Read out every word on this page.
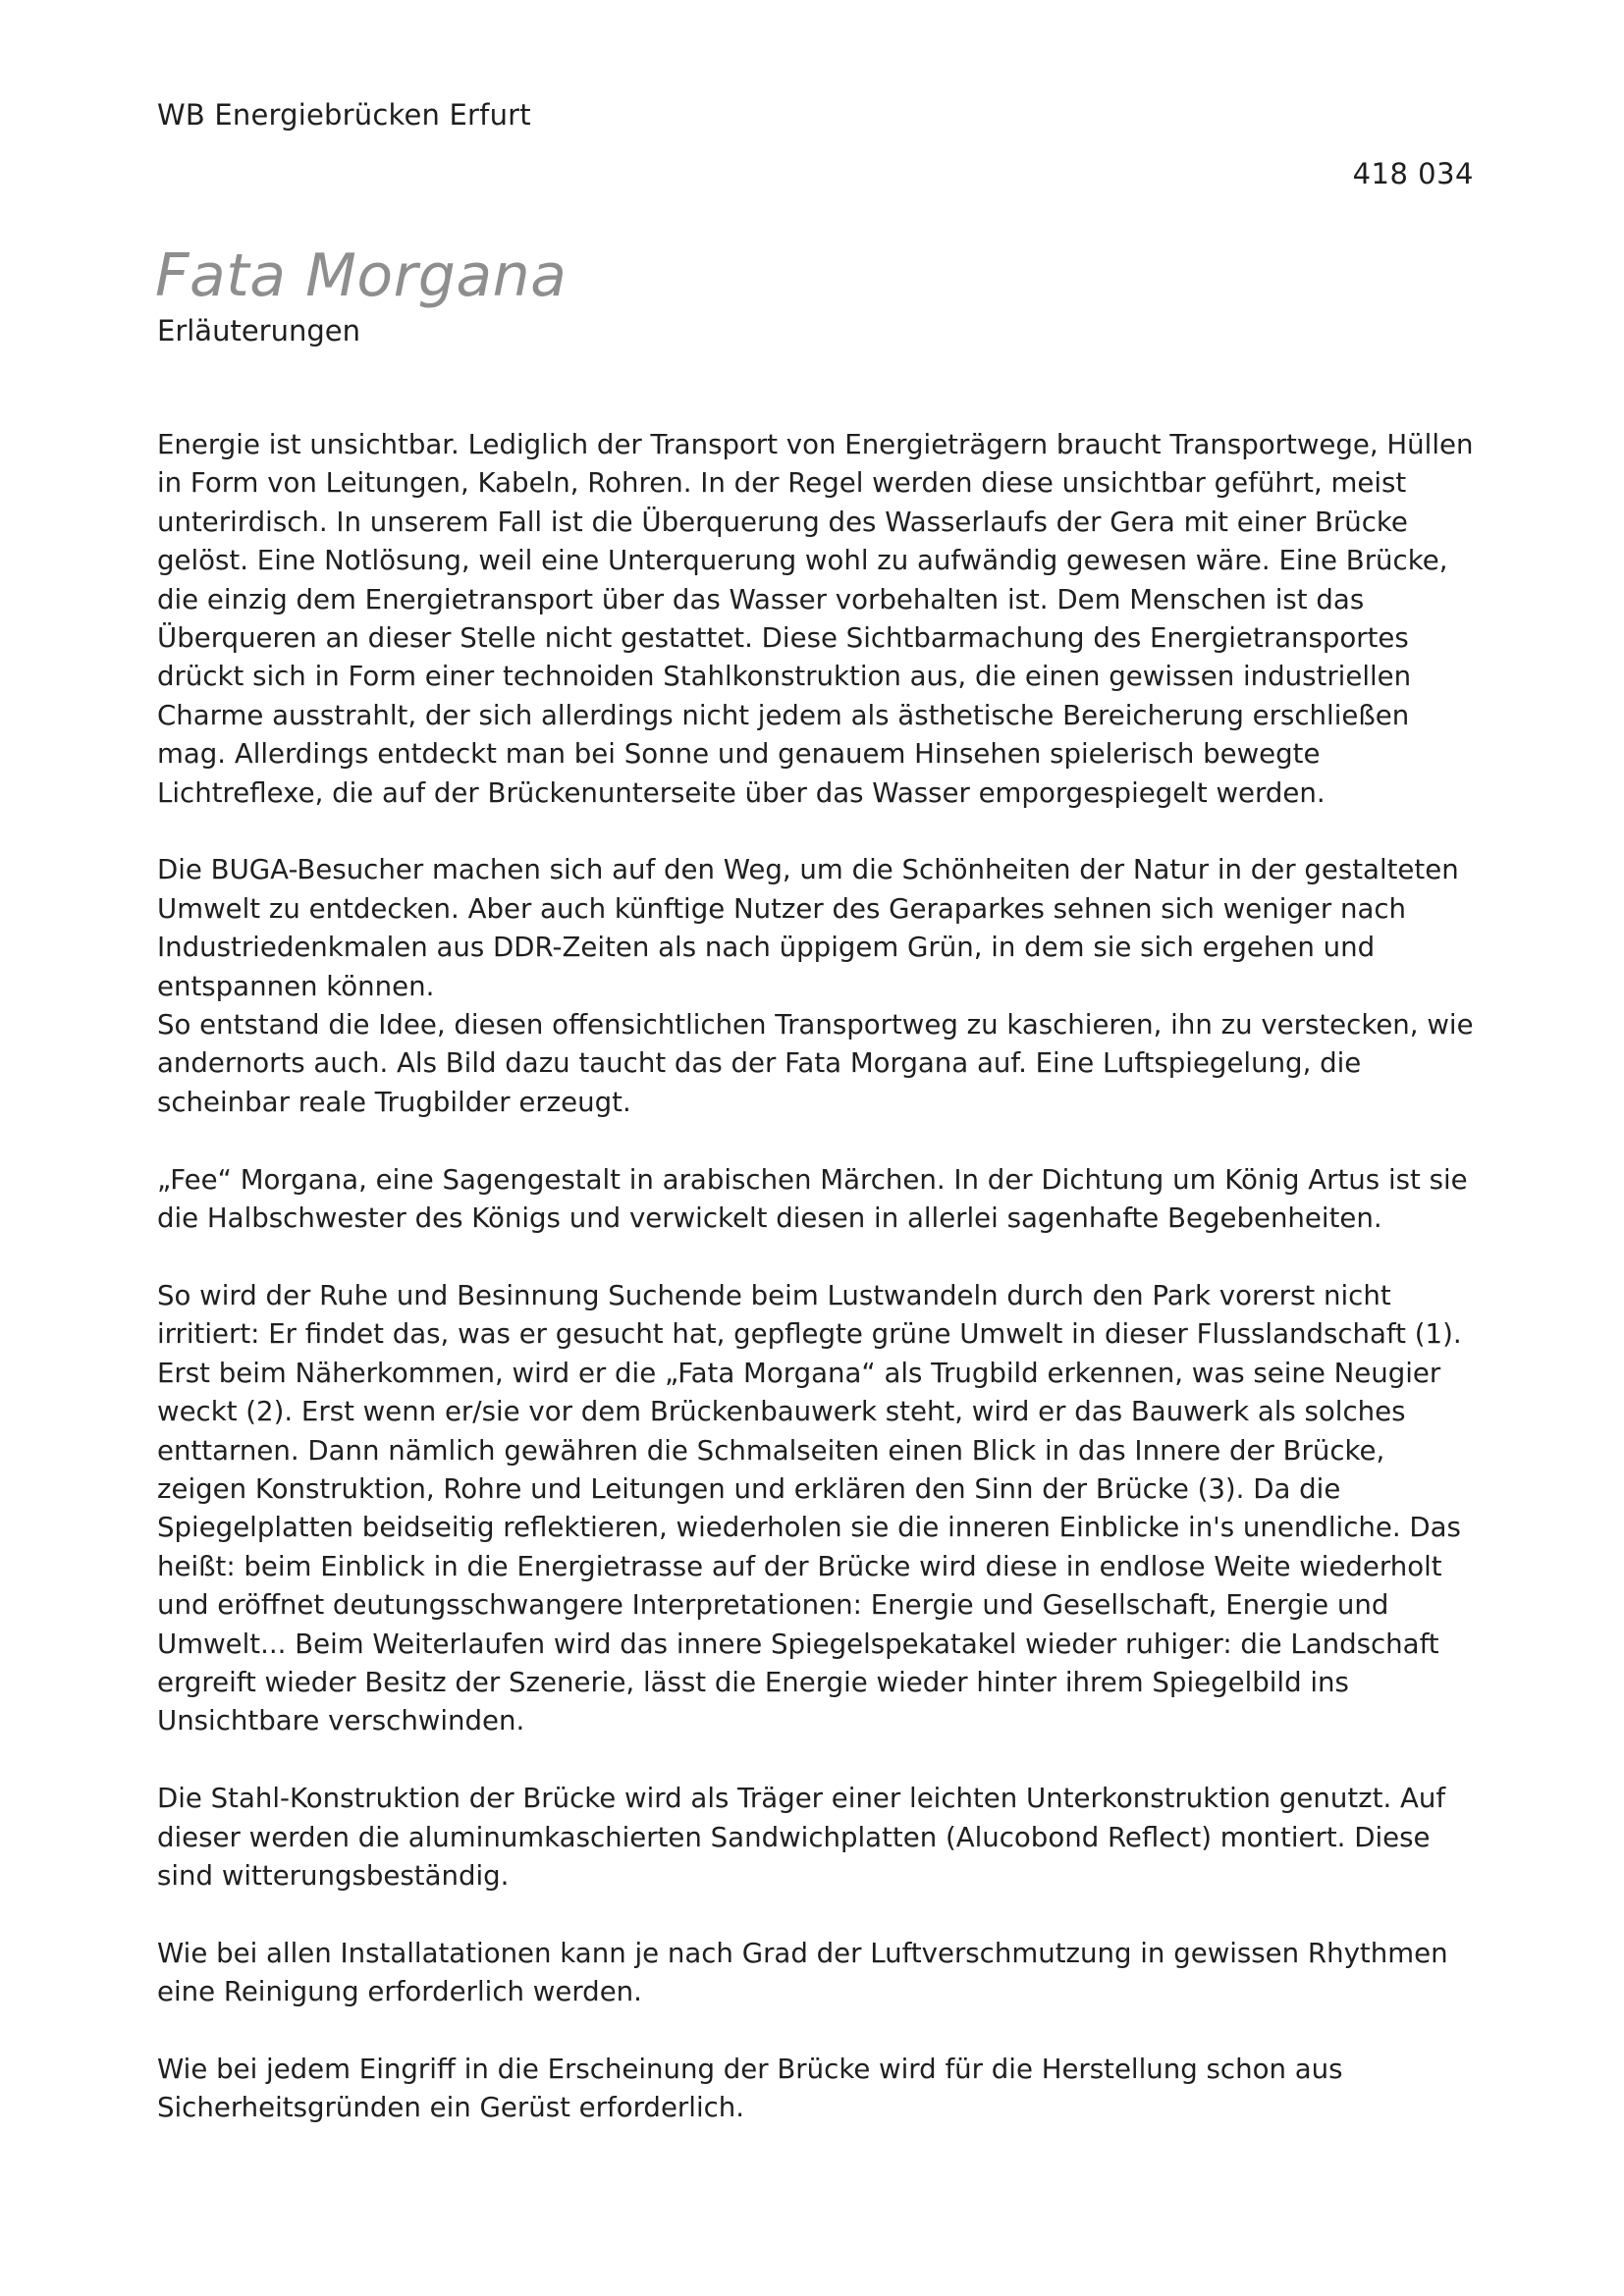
WB Energiebrücken Erfurt
418 034
Fata Morgana
Erläuterungen

Energie ist unsichtbar. Lediglich der Transport von Energieträgern braucht Transportwege, Hüllen in Form von Leitungen, Kabeln, Rohren. In der Regel werden diese unsichtbar geführt, meist unterirdisch. In unserem Fall ist die Überquerung des Wasserlaufs der Gera mit einer Brücke gelöst. Eine Notlösung, weil eine Unterquerung wohl zu aufwändig gewesen wäre. Eine Brücke, die einzig dem Energietransport über das Wasser vorbehalten ist. Dem Menschen ist das Überqueren an dieser Stelle nicht gestattet. Diese Sichtbarmachung des Energietransportes drückt sich in Form einer technoiden Stahlkonstruktion aus, die einen gewissen industriellen Charme ausstrahlt, der sich allerdings nicht jedem als ästhetische Bereicherung erschließen mag. Allerdings entdeckt man bei Sonne und genauem Hinsehen spielerisch bewegte Lichtreflexe, die auf der Brückenunterseite über das Wasser emporgespiegelt werden.

Die BUGA-Besucher machen sich auf den Weg, um die Schönheiten der Natur in der gestalteten Umwelt zu entdecken. Aber auch künftige Nutzer des Geraparkes sehnen sich weniger nach Industriedenkmalen aus DDR-Zeiten als nach üppigem Grün, in dem sie sich ergehen und entspannen können.

So entstand die Idee, diesen offensichtlichen Transportweg zu kaschieren, ihn zu verstecken, wie andernorts auch. Als Bild dazu taucht das der Fata Morgana auf. Eine Luftspiegelung, die scheinbar reale Trugbilder erzeugt.

„Fee“ Morgana, eine Sagengestalt in arabischen Märchen. In der Dichtung um König Artus ist sie die Halbschwester des Königs und verwickelt diesen in allerlei sagenhafte Begebenheiten.

So wird der Ruhe und Besinnung Suchende beim Lustwandeln durch den Park vorerst nicht irritiert: Er findet das, was er gesucht hat, gepflegte grüne Umwelt in dieser Flusslandschaft (1). Erst beim Näherkommen, wird er die „Fata Morgana“ als Trugbild erkennen, was seine Neugier weckt (2). Erst wenn er/sie vor dem Brückenbauwerk steht, wird er das Bauwerk als solches enttarnen. Dann nämlich gewähren die Schmalseiten einen Blick in das Innere der Brücke, zeigen Konstruktion, Rohre und Leitungen und erklären den Sinn der Brücke (3). Da die Spiegelplatten beidseitig reflektieren, wiederholen sie die inneren Einblicke in's unendliche. Das heißt: beim Einblick in die Energietrasse auf der Brücke wird diese in endlose Weite wiederholt und eröffnet deutungsschwangere Interpretationen: Energie und Gesellschaft, Energie und Umwelt... Beim Weiterlaufen wird das innere Spiegelspekatakel wieder ruhiger: die Landschaft ergreift wieder Besitz der Szenerie, lässt die Energie wieder hinter ihrem Spiegelbild ins Unsichtbare verschwinden.

Die Stahl-Konstruktion der Brücke wird als Träger einer leichten Unterkonstruktion genutzt. Auf dieser werden die aluminumkaschierten Sandwichplatten (Alucobond Reflect) montiert. Diese sind witterungsbeständig.

Wie bei allen Installatationen kann je nach Grad der Luftverschmutzung in gewissen Rhythmen eine Reinigung erforderlich werden.

Wie bei jedem Eingriff in die Erscheinung der Brücke wird für die Herstellung schon aus Sicherheitsgründen ein Gerüst erforderlich.
